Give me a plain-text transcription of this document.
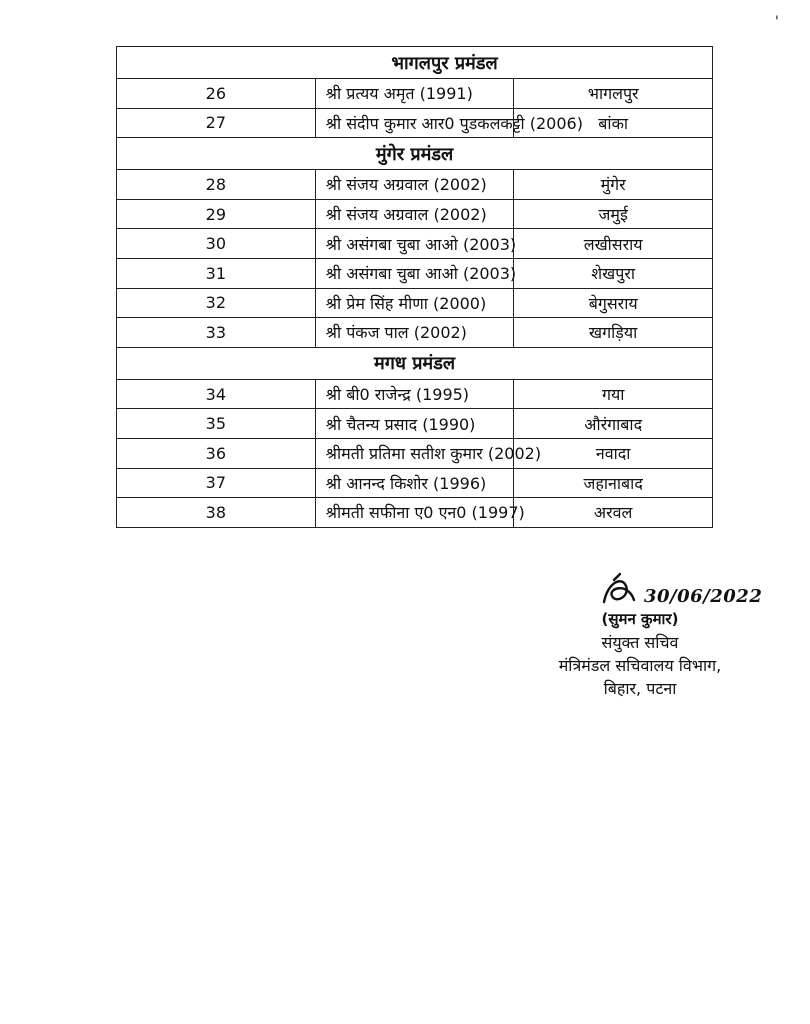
'
भागलपुर प्रमंडल		
26	श्री प्रत्यय अमृत (1991)	भागलपुर
27	श्री संदीप कुमार आर0 पुडकलकट्टी (2006)	बांका
मुंगेर प्रमंडल		
28	श्री संजय अग्रवाल (2002)	मुंगेर
29	श्री संजय अग्रवाल (2002)	जमुई
30	श्री असंगबा चुबा आओ (2003)	लखीसराय
31	श्री असंगबा चुबा आओ (2003)	शेखपुरा
32	श्री प्रेम सिंह मीणा (2000)	बेगुसराय
33	श्री पंकज पाल (2002)	खगड़िया
मगध प्रमंडल		
34	श्री बी0 राजेन्द्र (1995)	गया
35	श्री चैतन्य प्रसाद (1990)	औरंगाबाद
36	श्रीमती प्रतिमा सतीश कुमार (2002)	नवादा
37	श्री आनन्द किशोर (1996)	जहानाबाद
38	श्रीमती सफीना ए0 एन0 (1997)	अरवल
30/06/2022
(सुमन कुमार)
संयुक्त सचिव
मंत्रिमंडल सचिवालय विभाग,
बिहार, पटना
